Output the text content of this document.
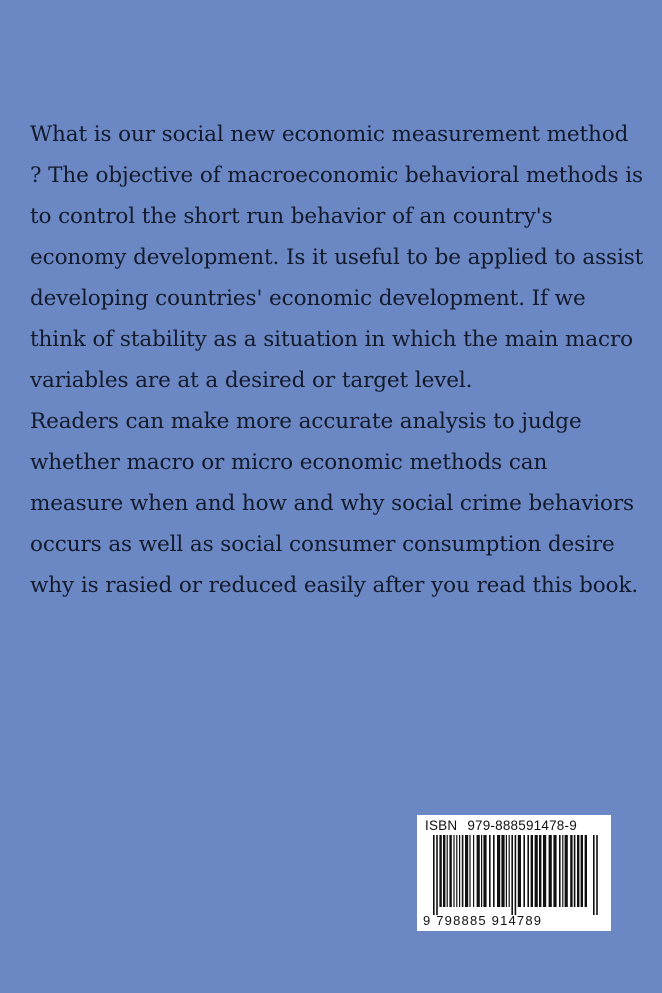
What is our social new economic measurement method
? The objective of macroeconomic behavioral methods is
to control the short run behavior of an country's
economy development. Is it useful to be applied to assist
developing countries' economic development. If we
think of stability as a situation in which the main macro
variables are at a desired or target level.
Readers can make more accurate analysis to judge
whether macro or micro economic methods can
measure when and how and why social crime behaviors
occurs as well as social consumer consumption desire
why is rasied or reduced easily after you read this book.
ISBN 979-888591478-9
9 798885 914789
